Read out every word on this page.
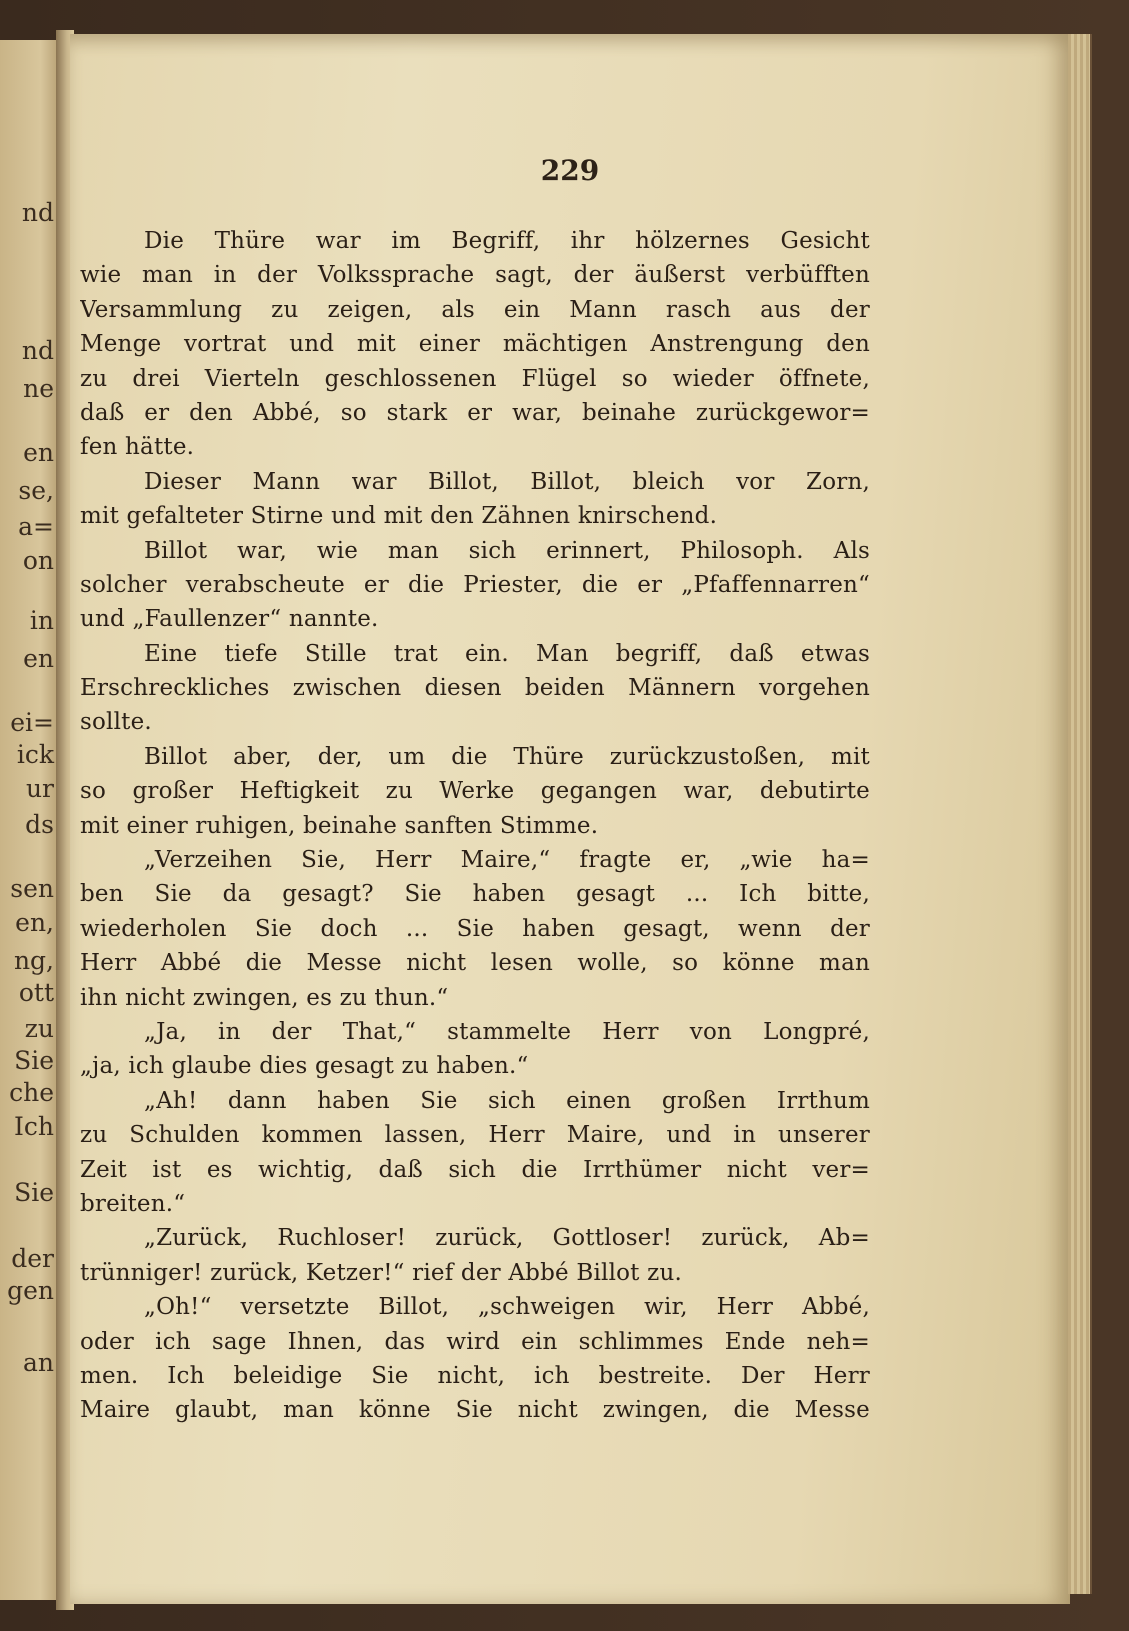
nd
nd
ne
en
se,
a=
on
in
en
ei=
ick
ur
ds
sen
en,
ng,
ott
zu
Sie
che
Ich
Sie
der
gen
an
229
Die Thüre war im Begriff, ihr hölzernes Gesicht
wie man in der Volkssprache sagt, der äußerst verbüfften
Versammlung zu zeigen, als ein Mann rasch aus der
Menge vortrat und mit einer mächtigen Anstrengung den
zu drei Vierteln geschlossenen Flügel so wieder öffnete,
daß er den Abbé, so stark er war, beinahe zurückgewor=
fen hätte.
Dieser Mann war Billot, Billot, bleich vor Zorn,
mit gefalteter Stirne und mit den Zähnen knirschend.
Billot war, wie man sich erinnert, Philosoph. Als
solcher verabscheute er die Priester, die er „Pfaffennarren“
und „Faullenzer“ nannte.
Eine tiefe Stille trat ein. Man begriff, daß etwas
Erschreckliches zwischen diesen beiden Männern vorgehen
sollte.
Billot aber, der, um die Thüre zurückzustoßen, mit
so großer Heftigkeit zu Werke gegangen war, debutirte
mit einer ruhigen, beinahe sanften Stimme.
„Verzeihen Sie, Herr Maire,“ fragte er, „wie ha=
ben Sie da gesagt? Sie haben gesagt ... Ich bitte,
wiederholen Sie doch ... Sie haben gesagt, wenn der
Herr Abbé die Messe nicht lesen wolle, so könne man
ihn nicht zwingen, es zu thun.“
„Ja, in der That,“ stammelte Herr von Longpré,
„ja, ich glaube dies gesagt zu haben.“
„Ah! dann haben Sie sich einen großen Irrthum
zu Schulden kommen lassen, Herr Maire, und in unserer
Zeit ist es wichtig, daß sich die Irrthümer nicht ver=
breiten.“
„Zurück, Ruchloser! zurück, Gottloser! zurück, Ab=
trünniger! zurück, Ketzer!“ rief der Abbé Billot zu.
„Oh!“ versetzte Billot, „schweigen wir, Herr Abbé,
oder ich sage Ihnen, das wird ein schlimmes Ende neh=
men. Ich beleidige Sie nicht, ich bestreite. Der Herr
Maire glaubt, man könne Sie nicht zwingen, die Messe
